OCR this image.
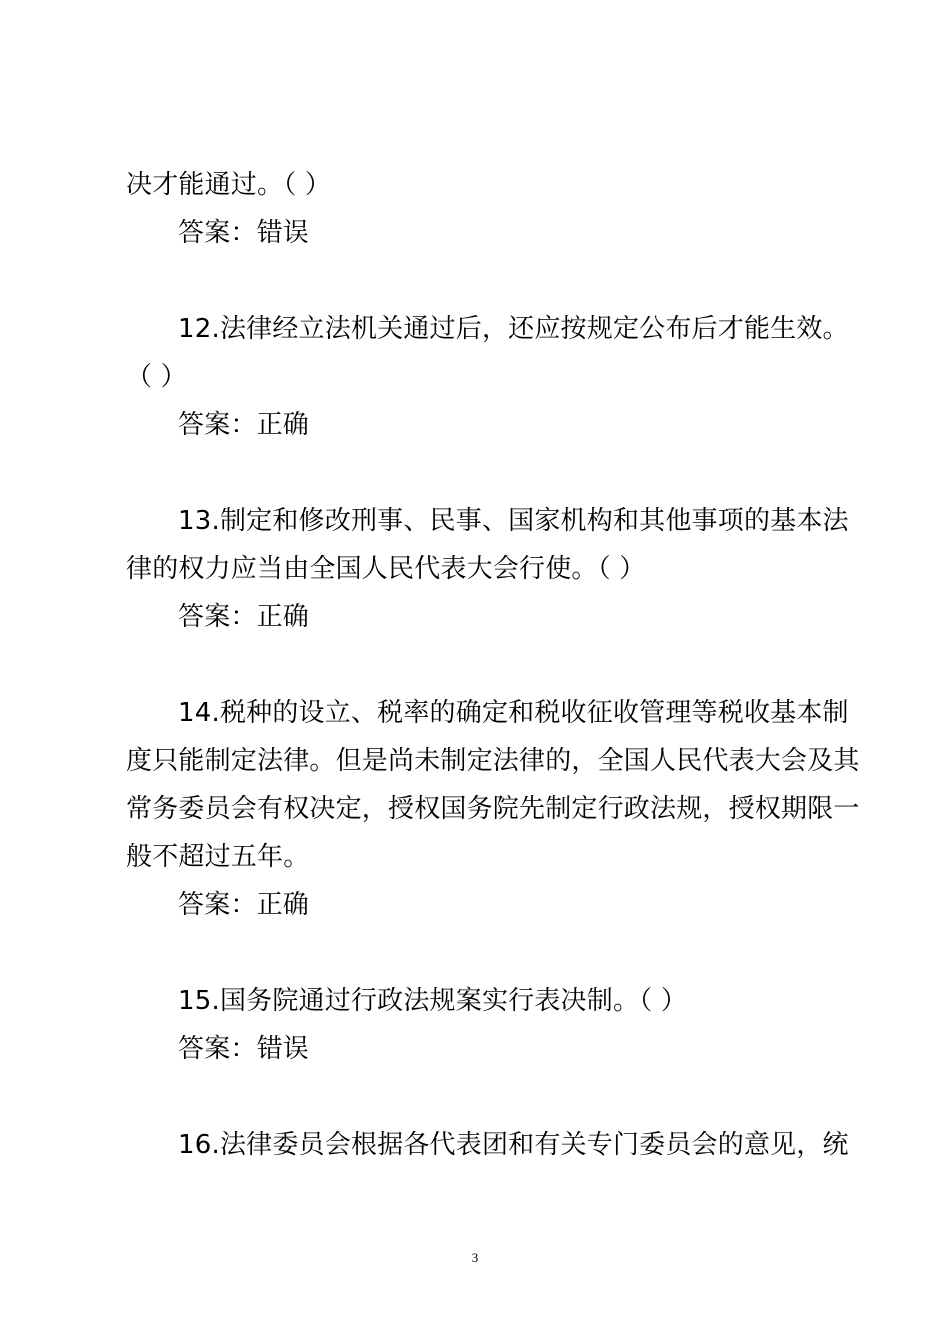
决才能通过。（ ）
答案：错误
12.法律经立法机关通过后，还应按规定公布后才能生效。
（ ）
答案：正确
13.制定和修改刑事、民事、国家机构和其他事项的基本法
律的权力应当由全国人民代表大会行使。（ ）
答案：正确
14.税种的设立、税率的确定和税收征收管理等税收基本制
度只能制定法律。但是尚未制定法律的，全国人民代表大会及其
常务委员会有权决定，授权国务院先制定行政法规，授权期限一
般不超过五年。
答案：正确
15.国务院通过行政法规案实行表决制。（ ）
答案：错误
16.法律委员会根据各代表团和有关专门委员会的意见，统
3
